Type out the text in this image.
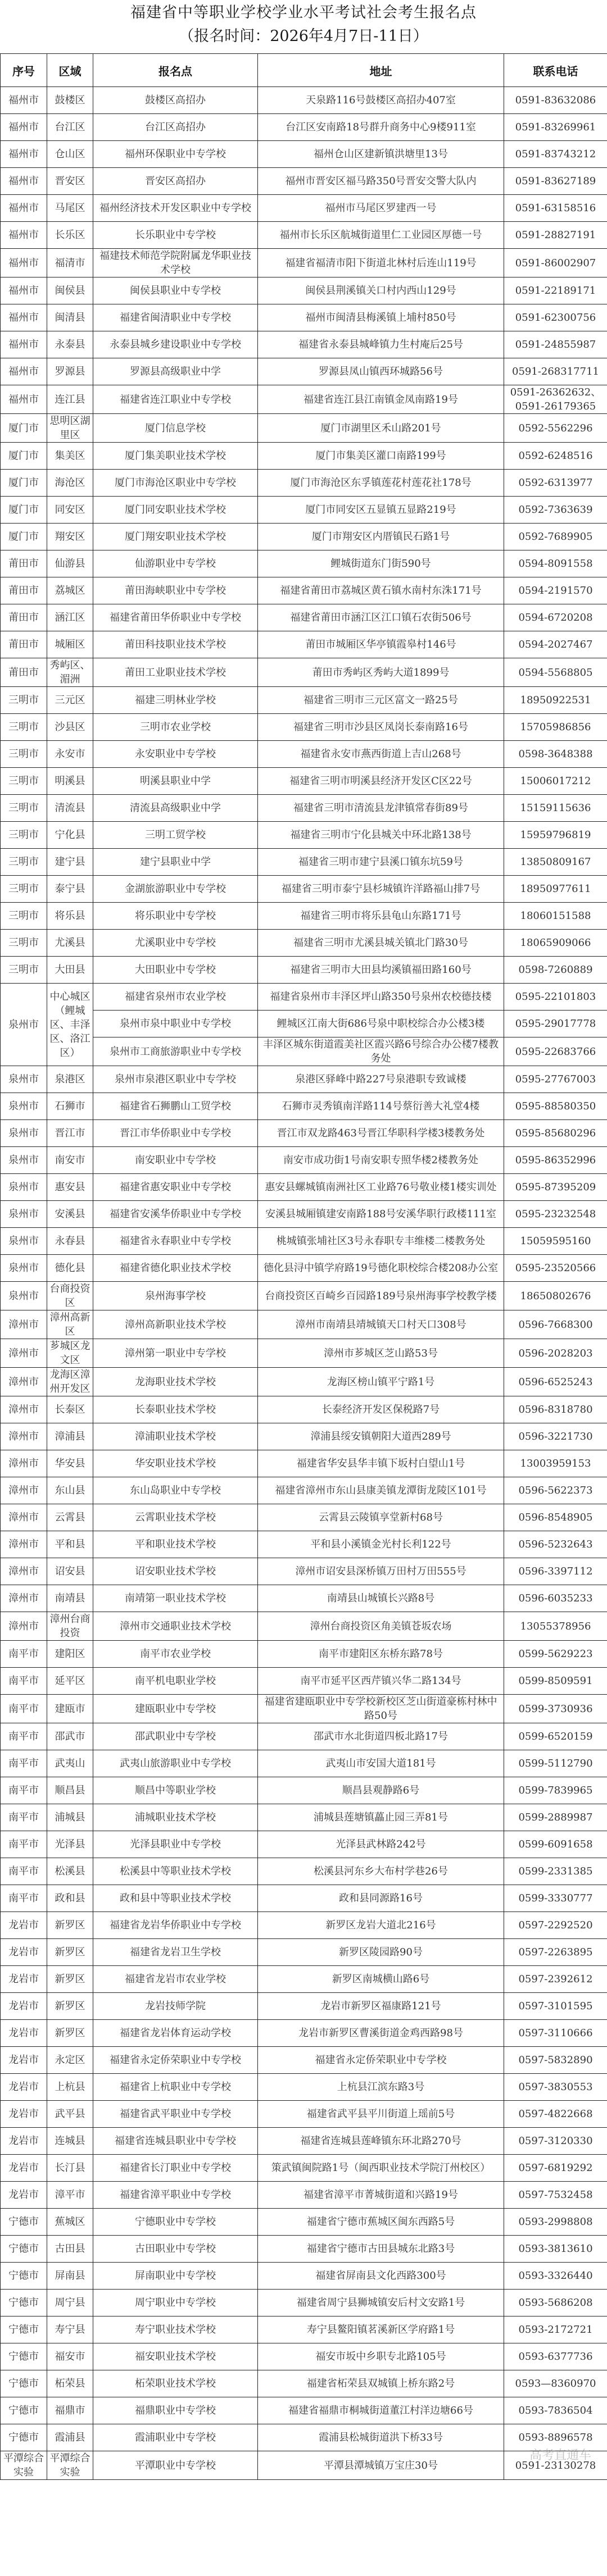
福建省中等职业学校学业水平考试社会考生报名点
（报名时间：2026年4月7日-11日）
序号	区域	报名点	地址	联系电话
福州市	鼓楼区	鼓楼区高招办	天泉路116号鼓楼区高招办407室	0591-83632086
福州市	台江区	台江区高招办	台江区安南路18号群升商务中心9楼911室	0591-83269961
福州市	仓山区	福州环保职业中专学校	福州仓山区建新镇洪塘里13号	0591-83743212
福州市	晋安区	晋安区高招办	福州市晋安区福马路350号晋安交警大队内	0591-83627189
福州市	马尾区	福州经济技术开发区职业中专学校	福州市马尾区罗建西一号	0591-63158516
福州市	长乐区	长乐职业中专学校	福州市长乐区航城街道里仁工业园区厚德一号	0591-28827191
福州市	福清市	福建技术师范学院附属龙华职业技术学校	福建省福清市阳下街道北林村后连山119号	0591-86002907
福州市	闽侯县	闽侯县职业中专学校	闽侯县荆溪镇关口村内西山129号	0591-22189171
福州市	闽清县	福建省闽清职业中专学校	福州市闽清县梅溪镇上埔村850号	0591-62300756
福州市	永泰县	永泰县城乡建设职业中专学校	福建省永泰县城峰镇力生村庵后25号	0591-24855987
福州市	罗源县	罗源县高级职业中学	罗源县凤山镇西环城路56号	0591-268317711
福州市	连江县	福建省连江职业中专学校	福建省连江县江南镇金凤南路19号	0591-26362632、0591-26179365
厦门市	思明区湖里区	厦门信息学校	厦门市湖里区禾山路201号	0592-5562296
厦门市	集美区	厦门集美职业技术学校	厦门市集美区灌口南路199号	0592-6248516
厦门市	海沧区	厦门市海沧区职业中专学校	厦门市海沧区东孚镇莲花村莲花社178号	0592-6313977
厦门市	同安区	厦门同安职业技术学校	厦门市同安区五显镇五显路219号	0592-7363639
厦门市	翔安区	厦门翔安职业技术学校	厦门市翔安区内厝镇民石路1号	0592-7689905
莆田市	仙游县	仙游职业中专学校	鲤城街道东门街590号	0594-8091558
莆田市	荔城区	莆田海峡职业中专学校	福建省莆田市荔城区黄石镇水南村东洙171号	0594-2191570
莆田市	涵江区	福建省莆田华侨职业中专学校	福建省莆田市涵江区江口镇石农街506号	0594-6720208
莆田市	城厢区	莆田科技职业技术学校	莆田市城厢区华亭镇霞皋村146号	0594-2027467
莆田市	秀屿区、湄洲	莆田工业职业技术学校	莆田市秀屿区秀屿大道1899号	0594-5568805
三明市	三元区	福建三明林业学校	福建省三明市三元区富文一路25号	18950922531
三明市	沙县区	三明市农业学校	福建省三明市沙县区凤岗长泰南路16号	15705986856
三明市	永安市	永安职业中专学校	福建省永安市燕西街道上吉山268号	0598-3648388
三明市	明溪县	明溪县职业中学	福建省三明市明溪县经济开发区C区22号	15006017212
三明市	清流县	清流县高级职业中学	福建省三明市清流县龙津镇常春街89号	15159115636
三明市	宁化县	三明工贸学校	福建省三明市宁化县城关中环北路138号	15959796819
三明市	建宁县	建宁县职业中学	福建省三明市建宁县溪口镇东坑59号	13850809167
三明市	泰宁县	金湖旅游职业中专学校	福建省三明市泰宁县杉城镇许洋路福山排7号	18950977611
三明市	将乐县	将乐职业中专学校	福建省三明市将乐县龟山东路171号	18060151588
三明市	尤溪县	尤溪职业中专学校	福建省三明市尤溪县城关镇北门路30号	18065909066
三明市	大田县	大田职业中专学校	福建省三明市大田县均溪镇福田路160号	0598-7260889
泉州市	中心城区（鲤城区、丰泽区、洛江区）	福建省泉州市农业学校	福建省泉州市丰泽区坪山路350号泉州农校德技楼	0595-22101803
		泉州市泉中职业中专学校	鲤城区江南大街686号泉中职校综合办公楼3楼	0595-29017778
		泉州市工商旅游职业中专学校	丰泽区城东街道霞美社区霞兴路6号综合办公楼7楼教务处	0595-22683766
泉州市	泉港区	泉州市泉港区职业中专学校	泉港区驿峰中路227号泉港职专致诚楼	0595-27767003
泉州市	石狮市	福建省石狮鹏山工贸学校	石狮市灵秀镇南洋路114号蔡衍善大礼堂4楼	0595-88580350
泉州市	晋江市	晋江市华侨职业中专学校	晋江市双龙路463号晋江华职科学楼3楼教务处	0595-85680296
泉州市	南安市	南安职业中专学校	南安市成功街1号南安职专照华楼2楼教务处	0595-86352996
泉州市	惠安县	福建省惠安职业中专学校	惠安县螺城镇南洲社区工业路76号敬业楼1楼实训处	0595-87395209
泉州市	安溪县	福建省安溪华侨职业中专学校	安溪县城厢镇建安南路188号安溪华职行政楼111室	0595-23232548
泉州市	永春县	福建省永春职业中专学校	桃城镇张埔社区3号永春职专丰维楼二楼教务处	15059595160
泉州市	德化县	福建省德化职业技术学校	德化县浔中镇学府路19号德化职校综合楼208办公室	0595-23520566
泉州市	台商投资区	泉州海事学校	台商投资区百崎乡百园路189号泉州海事学校教学楼	18650802676
漳州市	漳州高新区	漳州高新职业技术学校	漳州市南靖县靖城镇天口村天口308号	0596-7668300
漳州市	芗城区龙文区	漳州第一职业中专学校	漳州市芗城区芝山路53号	0596-2028203
漳州市	龙海区漳州开发区	龙海职业技术学校	龙海区榜山镇平宁路1号	0596-6525243
漳州市	长泰区	长泰职业技术学校	长泰经济开发区保税路7号	0596-8318780
漳州市	漳浦县	漳浦职业技术学校	漳浦县绥安镇朝阳大道西289号	0596-3221730
漳州市	华安县	华安职业技术学校	福建省华安县华丰镇下坂村白望山1号	13003959153
漳州市	东山县	东山岛职业中专学校	福建省漳州市东山县康美镇龙潭街龙陵区101号	0596-5622373
漳州市	云霄县	云霄职业技术学校	云霄县云陵镇享堂新村68号	0596-8548905
漳州市	平和县	平和职业技术学校	平和县小溪镇金光村长利122号	0596-5232643
漳州市	诏安县	诏安职业技术学校	漳州市诏安县深桥镇万田村万田555号	0596-3397112
漳州市	南靖县	南靖第一职业技术学校	南靖县山城镇长兴路8号	0596-6035233
漳州市	漳州台商投资	漳州市交通职业技术学校	漳州台商投资区角美镇苍坂农场	13055378956
南平市	建阳区	南平市农业学校	南平市建阳区东桥东路78号	0599-5629223
南平市	延平区	南平机电职业学校	南平市延平区西芹镇兴华二路134号	0599-8509591
南平市	建瓯市	建瓯职业中专学校	福建省建瓯职业中专学校新校区芝山街道豪栋村林中路50号	0599-3730936
南平市	邵武市	邵武职业中专学校	邵武市水北街道四板北路17号	0599-6520159
南平市	武夷山	武夷山旅游职业中专学校	武夷山市安国大道181号	0599-5112790
南平市	顺昌县	顺昌中等职业学校	顺昌县观静路6号	0599-7839965
南平市	浦城县	浦城职业技术学校	浦城县莲塘镇藟止园三弄81号	0599-2889987
南平市	光泽县	光泽县职业中专学校	光泽县武林路242号	0599-6091658
南平市	松溪县	松溪县中等职业技术学校	松溪县河东乡大布村学巷26号	0599-2331385
南平市	政和县	政和县中等职业技术学校	政和县同源路16号	0599-3330777
龙岩市	新罗区	福建省龙岩华侨职业中专学校	新罗区龙岩大道北216号	0597-2292520
龙岩市	新罗区	福建省龙岩卫生学校	新罗区陵园路90号	0597-2263895
龙岩市	新罗区	福建省龙岩市农业学校	新罗区南城横山路6号	0597-2392612
龙岩市	新罗区	龙岩技师学院	龙岩市新罗区福康路121号	0597-3101595
龙岩市	新罗区	福建省龙岩体育运动学校	龙岩市新罗区曹溪街道金鸡西路98号	0597-3110666
龙岩市	永定区	福建省永定侨荣职业中专学校	福建省永定侨荣职业中专学校	0597-5832890
龙岩市	上杭县	福建省上杭职业中专学校	上杭县江滨东路3号	0597-3830553
龙岩市	武平县	福建省武平职业中专学校	福建省武平县平川街道上瑶前5号	0597-4822668
龙岩市	连城县	福建省连城县职业中专学校	福建省连城县莲峰镇东环北路270号	0597-3120330
龙岩市	长汀县	福建省长汀职业中专学校	策武镇闽院路1号（闽西职业技术学院汀州校区）	0597-6819292
龙岩市	漳平市	福建省漳平职业中专学校	福建省漳平市菁城街道和兴路19号	0597-7532458
宁德市	蕉城区	宁德职业中专学校	福建省宁德市蕉城区闽东西路5号	0593-2998808
宁德市	古田县	古田职业中专学校	福建省宁德市古田县城东北路3号	0593-3813610
宁德市	屏南县	屏南职业中专学校	福建省屏南县文化西路300号	0593-3326440
宁德市	周宁县	周宁职业中专学校	福建省周宁县狮城镇安后村文安路1号	0593-5686208
宁德市	寿宁县	寿宁职业技术学校	寿宁县鳌阳镇茗溪新区学府路1号	0593-2172721
宁德市	福安市	福安职业技术学校	福安市坂中乡职专北路105号	0593-6377736
宁德市	柘荣县	柘荣职业技术学校	福建省柘荣县双城镇上桥东路2号	0593—8360970
宁德市	福鼎市	福鼎职业中专学校	福建省福鼎市桐城街道董江村洋边塘66号	0593-7836504
宁德市	霞浦县	霞浦职业中专学校	霞浦县松城街道洪下桥33号	0593-8896578
平潭综合实验	平潭综合实验	平潭职业中专学校	平潭县潭城镇万宝庄30号	0591-23130278
高考直通车
